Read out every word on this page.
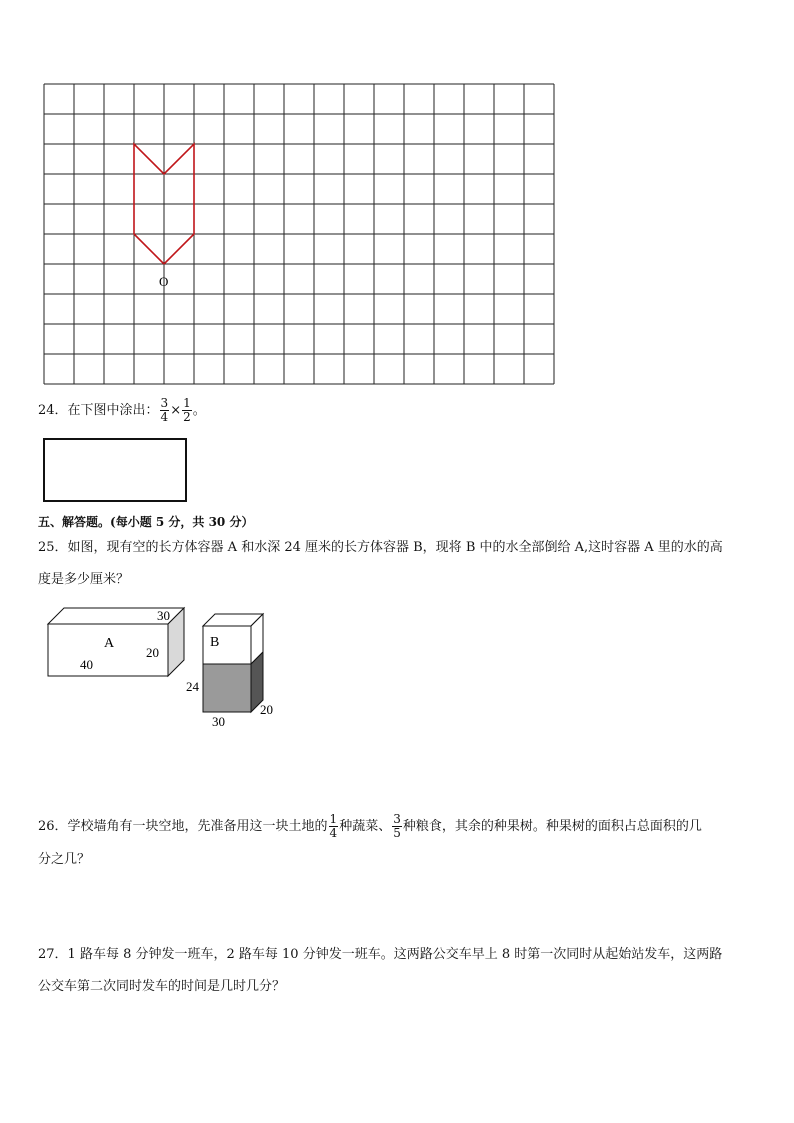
O
24．在下图中涂出： $\frac{3}{4} \times \frac{1}{2}$ 。
五、解答题。(每小题 5 分，共 30 分）
25．如图，现有空的长方体容器 A 和水深 24 厘米的长方体容器 B，现将 B 中的水全部倒给 A,这时容器 A 里的水的高
度是多少厘米？
A
40
20
30
B
24
30
20
26．学校墙角有一块空地，先准备用这一块土地的 $\frac{1}{4}$ 种蔬菜、 $\frac{3}{5}$ 种粮食，其余的种果树。种果树的面积占总面积的几
分之几？
27．1 路车每 8 分钟发一班车，2 路车每 10 分钟发一班车。这两路公交车早上 8 时第一次同时从起始站发车，这两路
公交车第二次同时发车的时间是几时几分？
